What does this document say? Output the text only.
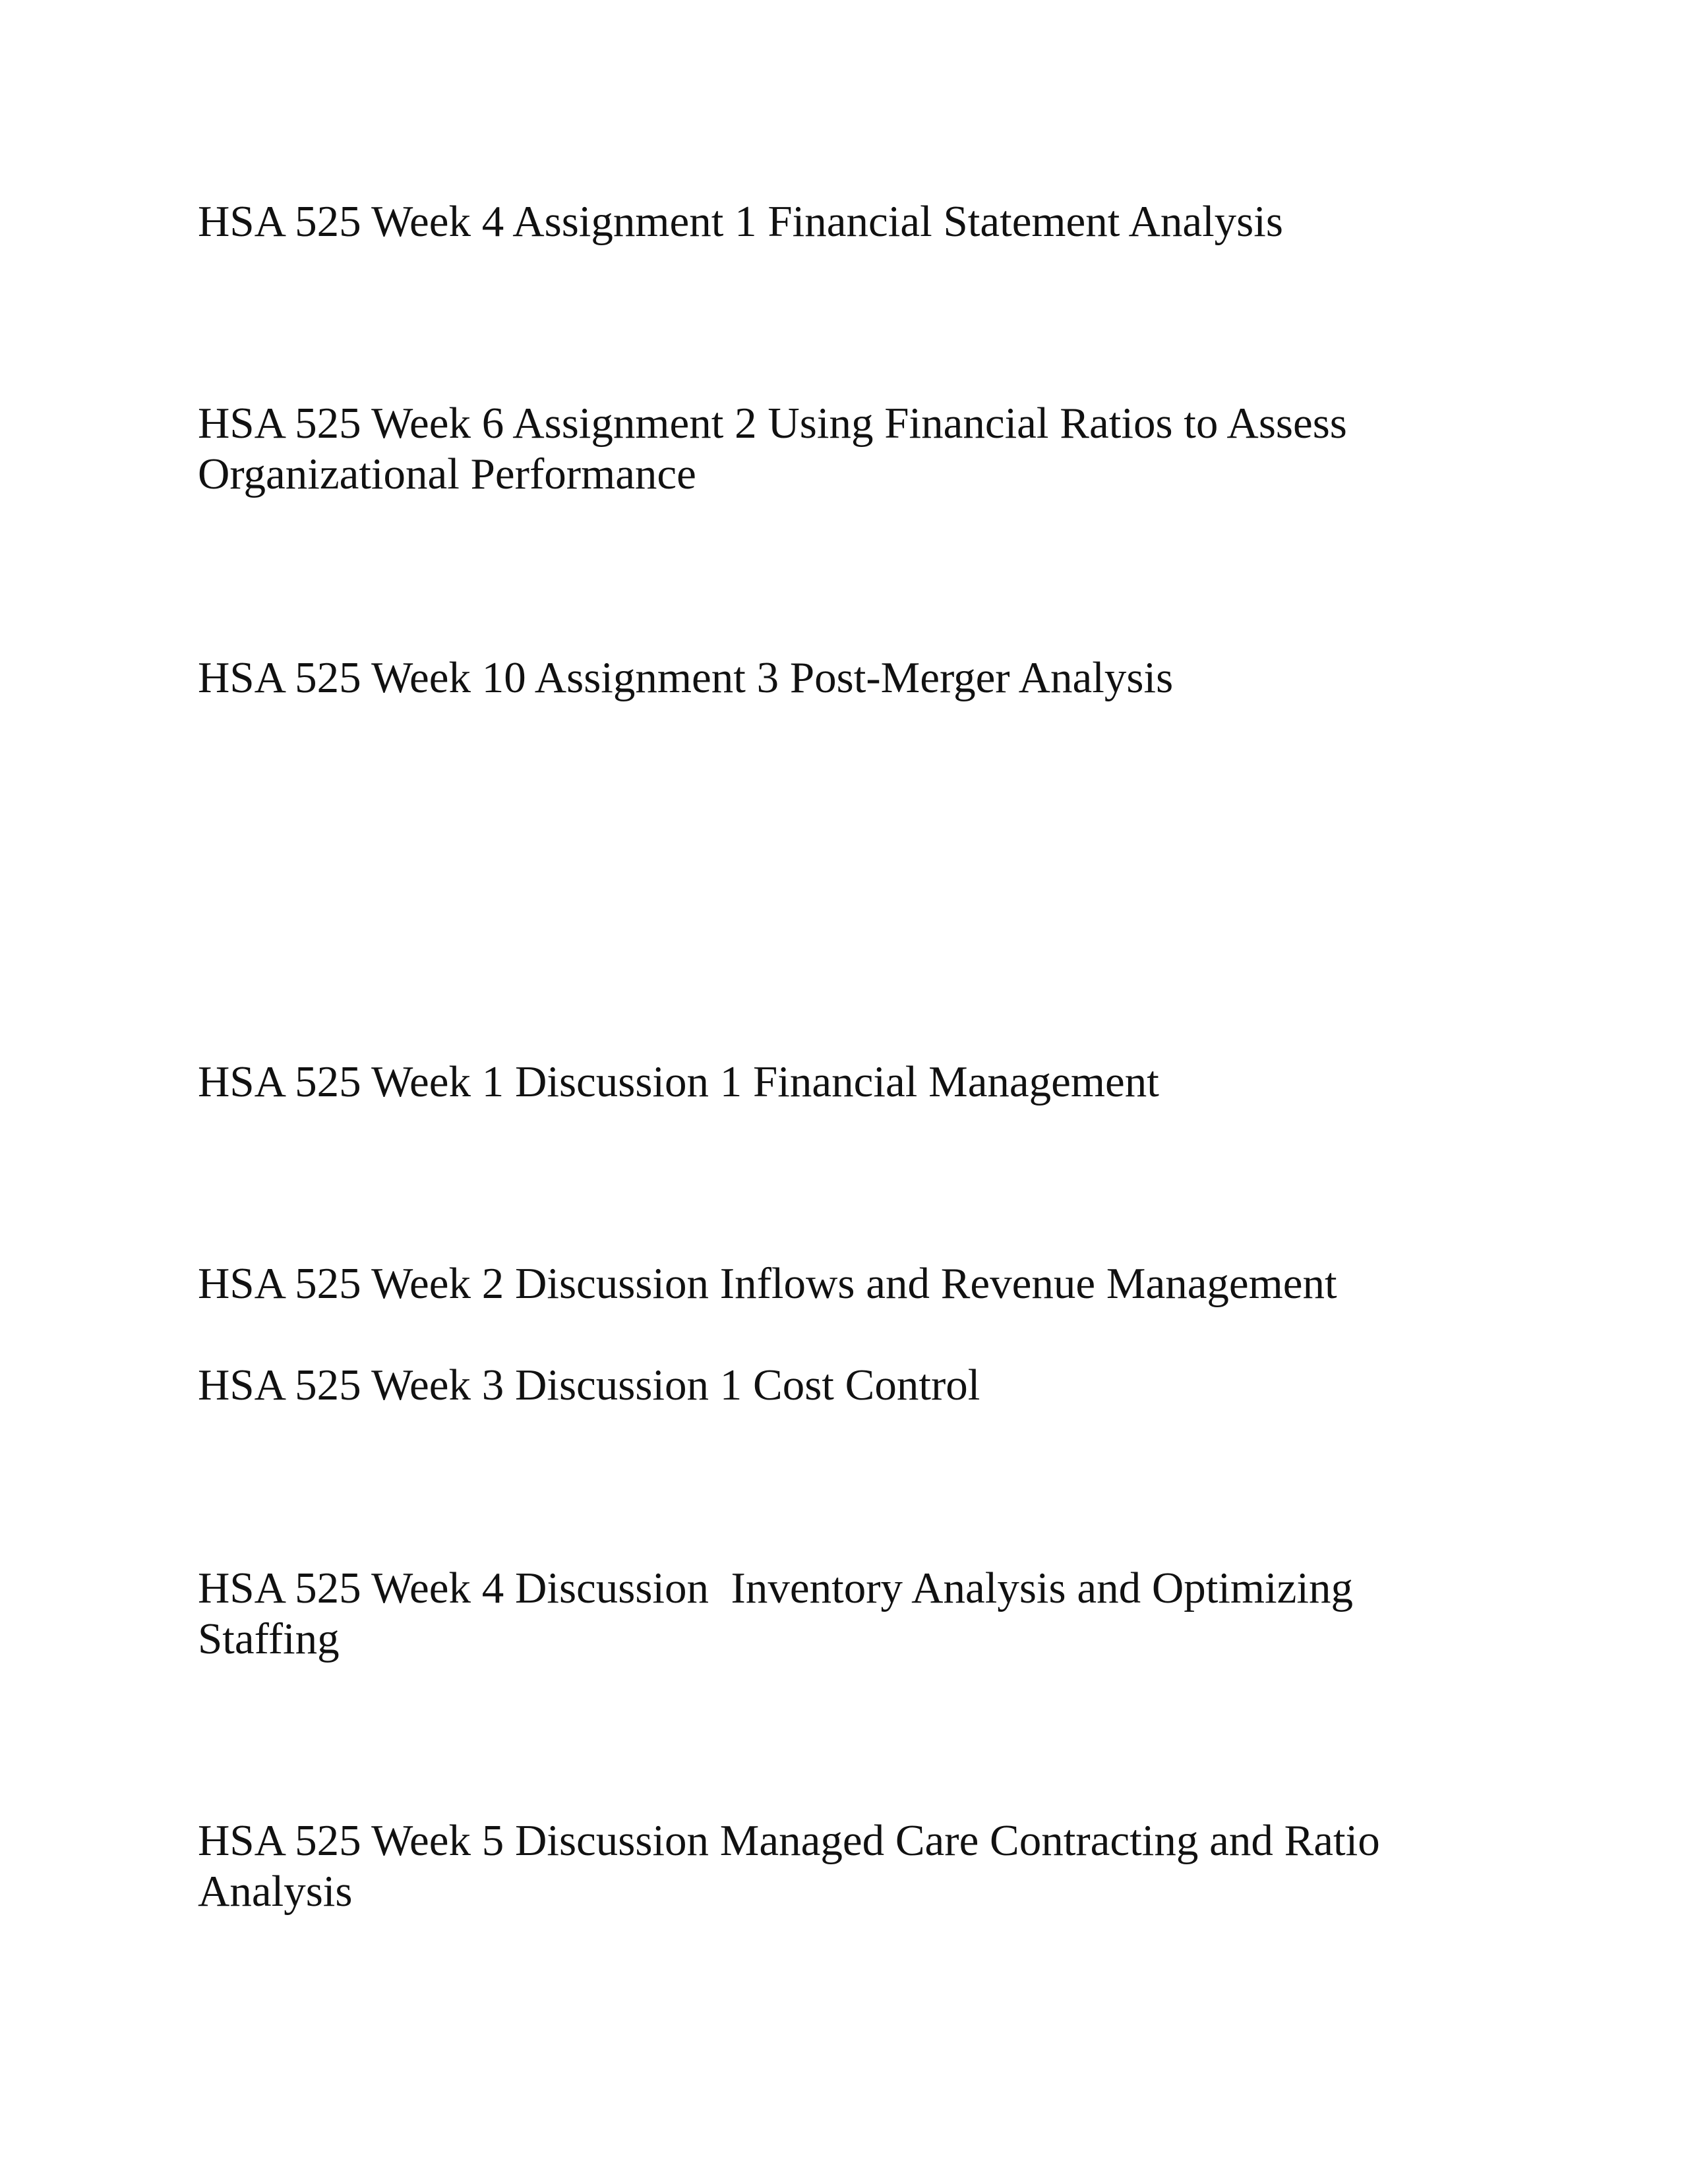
HSA 525 Week 4 Assignment 1 Financial Statement Analysis

HSA 525 Week 6 Assignment 2 Using Financial Ratios to Assess
Organizational Performance

HSA 525 Week 10 Assignment 3 Post-Merger Analysis

HSA 525 Week 1 Discussion 1 Financial Management

HSA 525 Week 2 Discussion Inflows and Revenue Management

HSA 525 Week 3 Discussion 1 Cost Control

HSA 525 Week 4 Discussion  Inventory Analysis and Optimizing
Staffing

HSA 525 Week 5 Discussion Managed Care Contracting and Ratio
Analysis
